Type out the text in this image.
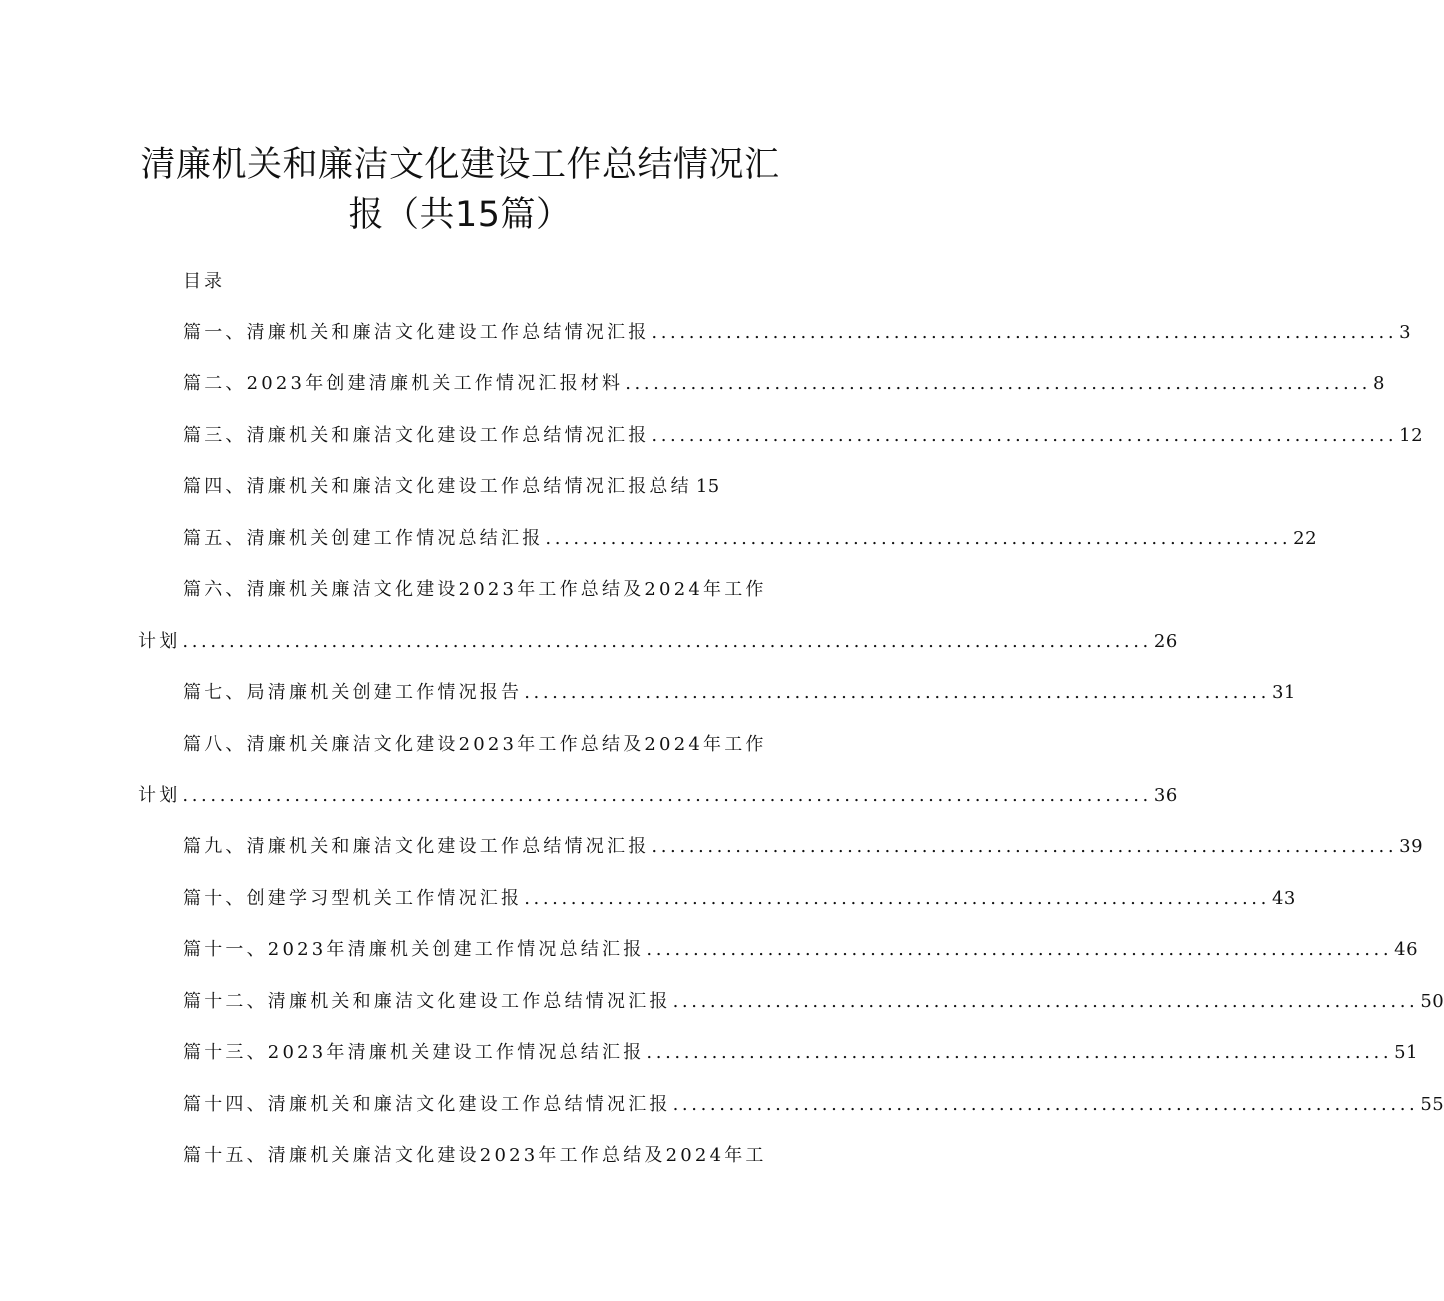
清廉机关和廉洁文化建设工作总结情况汇
报（共15篇）
目录
篇一、清廉机关和廉洁文化建设工作总结情况汇报 ................................................................................ 3
篇二、2023年创建清廉机关工作情况汇报材料 ................................................................................ 8
篇三、清廉机关和廉洁文化建设工作总结情况汇报 ................................................................................ 12
篇四、清廉机关和廉洁文化建设工作总结情况汇报总结 15
篇五、清廉机关创建工作情况总结汇报 ................................................................................ 22
篇六、清廉机关廉洁文化建设2023年工作总结及2024年工作
计划 ........................................................................................................ 26
篇七、局清廉机关创建工作情况报告 ................................................................................ 31
篇八、清廉机关廉洁文化建设2023年工作总结及2024年工作
计划 ........................................................................................................ 36
篇九、清廉机关和廉洁文化建设工作总结情况汇报 ................................................................................ 39
篇十、创建学习型机关工作情况汇报 ................................................................................ 43
篇十一、2023年清廉机关创建工作情况总结汇报 ................................................................................ 46
篇十二、清廉机关和廉洁文化建设工作总结情况汇报 ................................................................................ 50
篇十三、2023年清廉机关建设工作情况总结汇报 ................................................................................ 51
篇十四、清廉机关和廉洁文化建设工作总结情况汇报 ................................................................................ 55
篇十五、清廉机关廉洁文化建设2023年工作总结及2024年工
